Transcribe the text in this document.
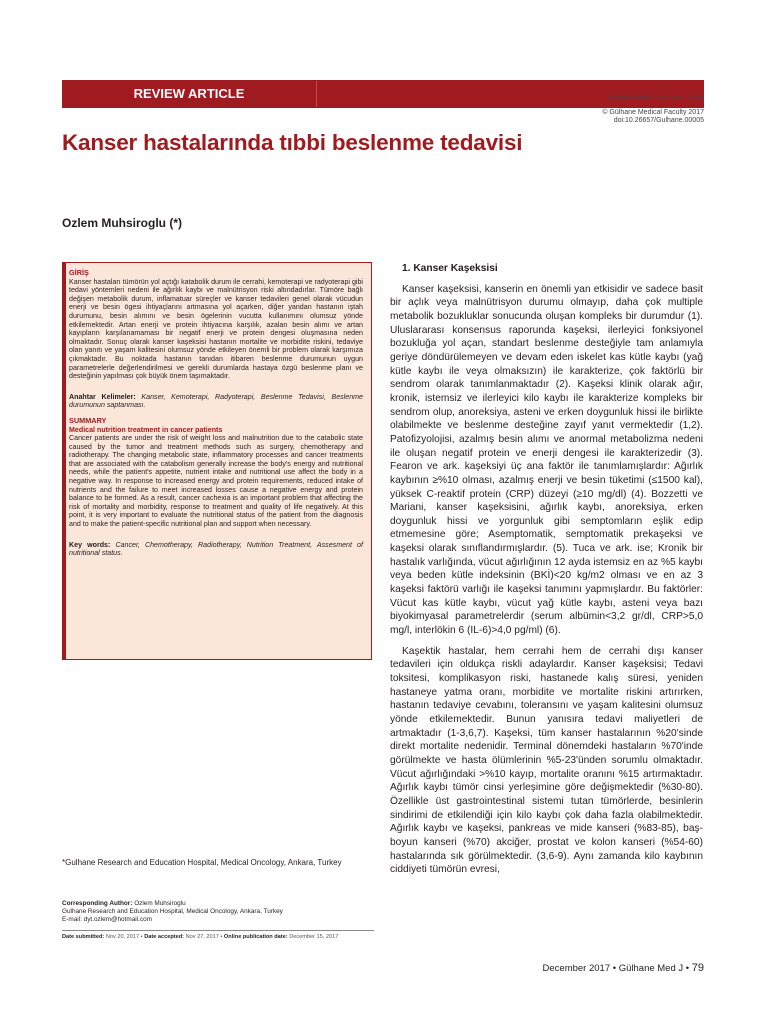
REVIEW ARTICLE	Gülhane Med J 2017;59: 79-86
© Gülhane Medical Faculty 2017
doi:10.26657/Gulhane.00005
Kanser hastalarında tıbbi beslenme tedavisi
Ozlem Muhsiroglu (*)
GİRİŞ

Kanser hastaları tümörün yol açtığı katabolik durum ile cerrahi, kemoterapi ve radyoterapi gibi tedavi yöntemleri nedeni ile ağırlık kaybı ve malnütrisyon riski altındadırlar. Tümöre bağlı değişen metabolik durum, inflamatuar süreçler ve kanser tedavileri genel olarak vücudun enerji ve besin ögesi ihtiyaçlarını artmasına yol açarken, diğer yandan hastanın iştah durumunu, besin alımını ve besin ögelerinin vucutta kullanımını olumsuz yönde etkilemektedir. Artan enerji ve protein ihtiyacına karşılık, azalan besin alımı ve artan kayıpların karşılanamaması bir negatif enerji ve protein dengesi oluşmasına neden olmaktadır. Sonuç olarak kanser kaşeksisi hastanın mortalite ve morbidite riskini, tedaviye olan yanıtı ve yaşam kalitesini olumsuz yönde etkileyen önemli bir problem olarak karşımıza çıkmaktadır. Bu noktada hastanın tanıdan itibaren beslenme durumunun uygun parametrelerle değerlendirilmesi ve gerekli durumlarda hastaya özgü beslenme planı ve desteğinin yapılması çok büyük önem taşımaktadır.

Anahtar Kelimeler: Kanser, Kemoterapi, Radyoterapi, Beslenme Tedavisi, Beslenme durumunun saptanması.

SUMMARY
Medical nutrition treatment in cancer patients

Cancer patients are under the risk of weight loss and malnutrition due to the catabolic state caused by the tumor and treatment methods such as surgery, chemotherapy and radiotherapy. The changing metabolic state, inflammatory processes and cancer treatments that are associated with the catabolism generally increase the body's energy and nutritional needs, while the patient's appetite, nutrient intake and nutritional use affect the body in a negative way. In response to increased energy and protein requirements, reduced intake of nutrients and the failure to meet increased losses cause a negative energy and protein balance to be formed. As a result, cancer cachexia is an important problem that affecting the risk of mortality and morbidity, response to treatment and quality of life negatively. At this point, it is very important to evaluate the nutritional status of the patient from the diagnosis and to make the patient-specific nutritional plan and support when necessary.

Key words: Cancer, Chemotherapy, Radiotherapy, Nutrition Treatment, Assesment of nutritional status.

*Gulhane Research and Education Hospital, Medical Oncology, Ankara, Turkey
Corresponding Author: Ozlem Muhsiroglu
Gulhane Research and Education Hospital, Medical Oncology, Ankara, Turkey
E-mail: dyt.ozlem@hotmail.com
Date submitted: Nov 20, 2017 • Date accepted: Nov 27, 2017 • Online publication date: December 15, 2017
1. Kanser Kaşeksisi

Kanser kaşeksisi, kanserin en önemli yan etkisidir ve sadece basit bir açlık veya malnütrisyon durumu olmayıp, daha çok multiple metabolik bozukluklar sonucunda oluşan kompleks bir durumdur (1). Uluslararası konsensus raporunda kaşeksi, ilerleyici fonksiyonel bozukluğa yol açan, standart beslenme desteğiyle tam anlamıyla geriye döndürülemeyen ve devam eden iskelet kas kütle kaybı (yağ kütle kaybı ile veya olmaksızın) ile karakterize, çok faktörlü bir sendrom olarak tanımlanmaktadır (2). Kaşeksi klinik olarak ağır, kronik, istemsiz ve ilerleyici kilo kaybı ile karakterize kompleks bir sendrom olup, anoreksiya, asteni ve erken doygunluk hissi ile birlikte olabilmekte ve beslenme desteğine zayıf yanıt vermektedir (1,2). Patofizyolojisi, azalmış besin alımı ve anormal metabolizma nedeni ile oluşan negatif protein ve enerji dengesi ile karakterizedir (3). Fearon ve ark. kaşeksiyi üç ana faktör ile tanımlamışlardır: Ağırlık kaybının ≥%10 olması, azalmış enerji ve besin tüketimi (≤1500 kal), yüksek C-reaktif protein (CRP) düzeyi (≥10 mg/dl) (4). Bozzetti ve Mariani, kanser kaşeksisini, ağırlık kaybı, anoreksiya, erken doygunluk hissi ve yorgunluk gibi semptomların eşlik edip etmemesine göre; Asemptomatik, semptomatik prekaşeksi ve kaşeksi olarak sınıflandırmışlardır. (5). Tuca ve ark. ise; Kronik bir hastalık varlığında, vücut ağırlığının 12 ayda istemsiz en az %5 kaybı veya beden kütle indeksinin (BKİ)<20 kg/m2 olması ve en az 3 kaşeksi faktörü varlığı ile kaşeksi tanımını yapmışlardır. Bu faktörler: Vücut kas kütle kaybı, vücut yağ kütle kaybı, asteni veya bazı biyokimyasal parametrelerdir (serum albümin<3,2 gr/dl, CRP>5,0 mg/l, interlökin 6 (IL-6)>4,0 pg/ml) (6).

Kaşektik hastalar, hem cerrahi hem de cerrahi dışı kanser tedavileri için oldukça riskli adaylardır. Kanser kaşeksisi; Tedavi toksitesi, komplikasyon riski, hastanede kalış süresi, yeniden hastaneye yatma oranı, morbidite ve mortalite riskini artırırken, hastanın tedaviye cevabını, toleransını ve yaşam kalitesini olumsuz yönde etkilemektedir. Bunun yanısıra tedavi maliyetleri de artmaktadır (1-3,6,7). Kaşeksi, tüm kanser hastalarının %20'sinde direkt mortalite nedenidir. Terminal dönemdeki hastaların %70'inde görülmekte ve hasta ölümlerinin %5-23'ünden sorumlu olmaktadır. Vücut ağırlığındaki >%10 kayıp, mortalite oranını %15 artırmaktadır. Ağırlık kaybı tümör cinsi yerleşimine göre değişmektedir (%30-80). Özellikle üst gastrointestinal sistemi tutan tümörlerde, besinlerin sindirimi de etkilendiği için kilo kaybı çok daha fazla olabilmektedir. Ağırlık kaybı ve kaşeksi, pankreas ve mide kanseri (%83-85), baş-boyun kanseri (%70) akciğer, prostat ve kolon kanseri (%54-60) hastalarında sık görülmektedir. (3,6-9). Aynı zamanda kilo kaybının ciddiyeti tümörün evresi,

December 2017 • Gülhane Med J • 79
